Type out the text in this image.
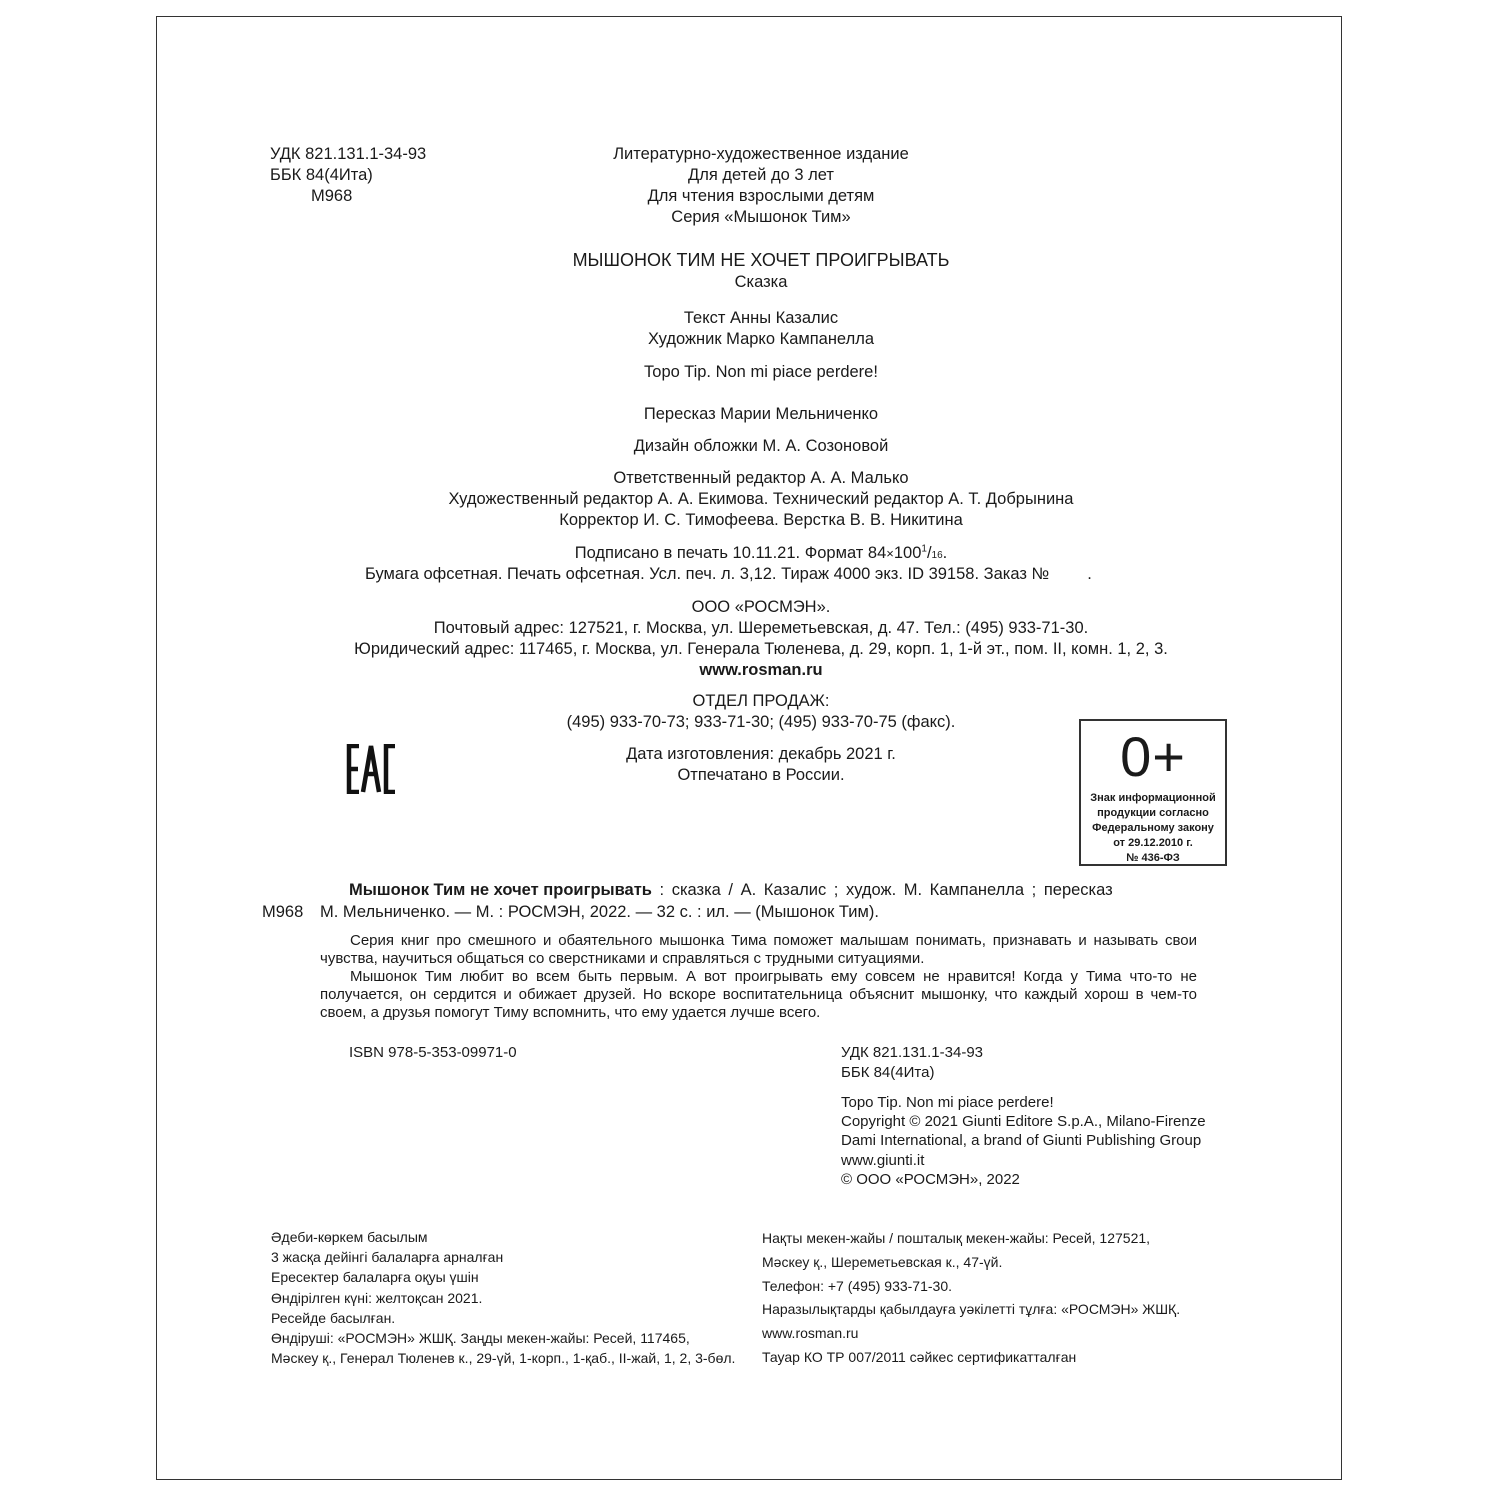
УДК 821.131.1-34-93
ББК 84(4Ита)
М968
Литературно-художественное издание
Для детей до 3 лет
Для чтения взрослыми детям
Серия «Мышонок Тим»
МЫШОНОК ТИМ НЕ ХОЧЕТ ПРОИГРЫВАТЬ
Сказка
Текст Анны Казалис
Художник Марко Кампанелла
Topo Tip. Non mi piace perdere!
Пересказ Марии Мельниченко
Дизайн обложки М. А. Созоновой
Ответственный редактор А. А. Малько
Художественный редактор А. А. Екимова. Технический редактор А. Т. Добрынина
Корректор И. С. Тимофеева. Верстка В. В. Никитина
Подписано в печать 10.11.21. Формат $84\times 100^1/16$.
Бумага офсетная. Печать офсетная. Усл. печ. л. 3,12. Тираж 4000 экз. ID 39158. Заказ № .
ООО «РОСМЭН».
Почтовый адрес: 127521, г. Москва, ул. Шереметьевская, д. 47. Тел.: (495) 933-71-30.
Юридический адрес: 117465, г. Москва, ул. Генерала Тюленева, д. 29, корп. 1, 1-й эт., пом. II, комн. 1, 2, 3.
www.rosman.ru
ОТДЕЛ ПРОДАЖ:
(495) 933-70-73; 933-71-30; (495) 933-70-75 (факс).
Дата изготовления: декабрь 2021 г.
Отпечатано в России.	0+
Знак информационной
продукции согласно
Федеральному закону
от 29.12.2010 г.
№ 436-ФЗ
Мышонок Тим не хочет проигрывать : сказка / А. Казалис ; худож. М. Кампанелла ; пересказ
М968 М. Мельниченко. — М. : РОСМЭН, 2022. — 32 с. : ил. — (Мышонок Тим).
Серия книг про смешного и обаятельного мышонка Тима поможет малышам понимать, признавать и называть свои чувства, научиться общаться со сверстниками и справляться с трудными ситуациями.
Мышонок Тим любит во всем быть первым. А вот проигрывать ему совсем не нравится! Когда у Тима что-то не получается, он сердится и обижает друзей. Но вскоре воспитательница объяснит мышонку, что каждый хорош в чем-то своем, а друзья помогут Тиму вспомнить, что ему удается лучше всего.
ISBN 978-5-353-09971-0	УДК 821.131.1-34-93
ББК 84(4Ита)
Topo Tip. Non mi piace perdere!
Copyright © 2021 Giunti Editore S.p.A., Milano-Firenze
Dami International, a brand of Giunti Publishing Group
www.giunti.it
© ООО «РОСМЭН», 2022
Әдеби-көркем басылым
3 жасқа дейінгі балаларға арналған
Ересектер балаларға оқуы үшін
Өндірілген күні: желтоқсан 2021.
Ресейде басылған.
Өндіруші: «РОСМЭН» ЖШҚ. Заңды мекен-жайы: Ресей, 117465,
Мәскеу қ., Генерал Тюленев к., 29-үй, 1-корп., 1-қаб., II-жай, 1, 2, 3-бөл.
Нақты мекен-жайы / пошталық мекен-жайы: Ресей, 127521,
Мәскеу қ., Шереметьевская к., 47-үй.
Телефон: +7 (495) 933-71-30.
Наразылықтарды қабылдауға уәкілетті тұлға: «РОСМЭН» ЖШҚ.
www.rosman.ru
Тауар КО ТР 007/2011 сәйкес сертификатталған
